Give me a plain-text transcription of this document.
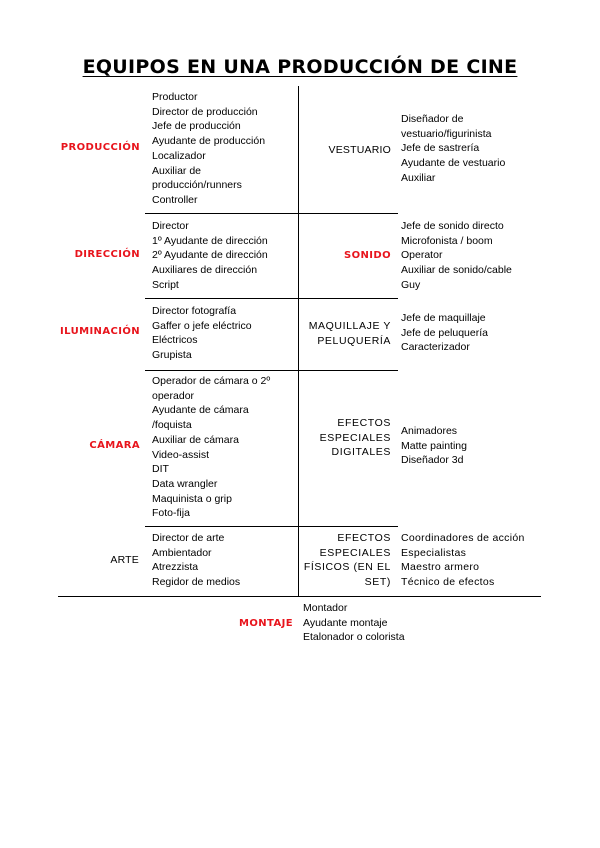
EQUIPOS EN UNA PRODUCCIÓN DE CINE
PRODUCCIÓN
Productor
Director de producción
Jefe de producción
Ayudante de producción
Localizador
Auxiliar de
producción/runners
Controller
DIRECCIÓN
Director
1º Ayudante de dirección
2º Ayudante de dirección
Auxiliares de dirección
Script
ILUMINACIÓN
Director fotografía
Gaffer o jefe eléctrico
Eléctricos
Grupista
CÁMARA
Operador de cámara o 2º
operador
Ayudante de cámara
/foquista
Auxiliar de cámara
Video-assist
DIT
Data wrangler
Maquinista o grip
Foto-fija
ARTE
Director de arte
Ambientador
Atrezzista
Regidor de medios
VESTUARIO
Diseñador de
vestuario/figurinista
Jefe de sastrería
Ayudante de vestuario
Auxiliar
SONIDO
Jefe de sonido directo
Microfonista / boom
Operator
Auxiliar de sonido/cable
Guy
MAQUILLAJE Y
PELUQUERÍA
Jefe de maquillaje
Jefe de peluquería
Caracterizador
EFECTOS
ESPECIALES
DIGITALES
Animadores
Matte painting
Diseñador 3d
EFECTOS
ESPECIALES
FÍSICOS (EN EL
SET)
Coordinadores de acción
Especialistas
Maestro armero
Técnico de efectos
MONTAJE
Montador
Ayudante montaje
Etalonador o colorista
